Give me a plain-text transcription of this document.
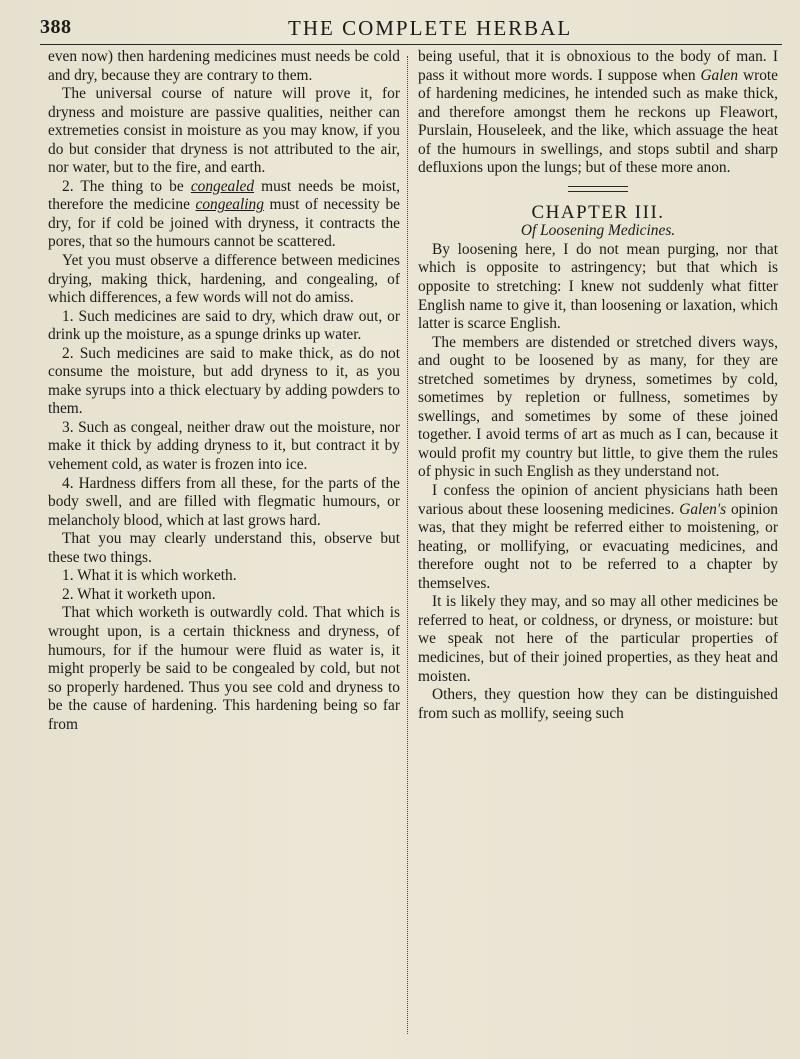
388	THE COMPLETE HERBAL

even now) then hardening medicines must needs be cold and dry, because they are contrary to them.

The universal course of nature will prove it, for dryness and moisture are passive qualities, neither can extremeties consist in moisture as you may know, if you do but consider that dryness is not attributed to the air, nor water, but to the fire, and earth.

2. The thing to be congealed must needs be moist, therefore the medicine congealing must of necessity be dry, for if cold be joined with dryness, it contracts the pores, that so the humours cannot be scattered.

Yet you must observe a difference between medicines drying, making thick, hardening, and congealing, of which differences, a few words will not do amiss.

1. Such medicines are said to dry, which draw out, or drink up the moisture, as a spunge drinks up water.

2. Such medicines are said to make thick, as do not consume the moisture, but add dryness to it, as you make syrups into a thick electuary by adding powders to them.

3. Such as congeal, neither draw out the moisture, nor make it thick by adding dryness to it, but contract it by vehement cold, as water is frozen into ice.

4. Hardness differs from all these, for the parts of the body swell, and are filled with flegmatic humours, or melancholy blood, which at last grows hard.

That you may clearly understand this, observe but these two things.

1. What it is which worketh.

2. What it worketh upon.

That which worketh is outwardly cold. That which is wrought upon, is a certain thickness and dryness, of humours, for if the humour were fluid as water is, it might properly be said to be congealed by cold, but not so properly hardened. Thus you see cold and dryness to be the cause of hardening. This hardening being so far from

being useful, that it is obnoxious to the body of man. I pass it without more words. I suppose when Galen wrote of hardening medicines, he intended such as make thick, and therefore amongst them he reckons up Fleawort, Purslain, Houseleek, and the like, which assuage the heat of the humours in swellings, and stops subtil and sharp defluxions upon the lungs; but of these more anon.

CHAPTER III.

Of Loosening Medicines.

By loosening here, I do not mean purging, nor that which is opposite to astringency; but that which is opposite to stretching: I knew not suddenly what fitter English name to give it, than loosening or laxation, which latter is scarce English.

The members are distended or stretched divers ways, and ought to be loosened by as many, for they are stretched sometimes by dryness, sometimes by cold, sometimes by repletion or fullness, sometimes by swellings, and sometimes by some of these joined together. I avoid terms of art as much as I can, because it would profit my country but little, to give them the rules of physic in such English as they understand not.

I confess the opinion of ancient physicians hath been various about these loosening medicines. Galen's opinion was, that they might be referred either to moistening, or heating, or mollifying, or evacuating medicines, and therefore ought not to be referred to a chapter by themselves.

It is likely they may, and so may all other medicines be referred to heat, or coldness, or dryness, or moisture: but we speak not here of the particular properties of medicines, but of their joined properties, as they heat and moisten.

Others, they question how they can be distinguished from such as mollify, seeing such
